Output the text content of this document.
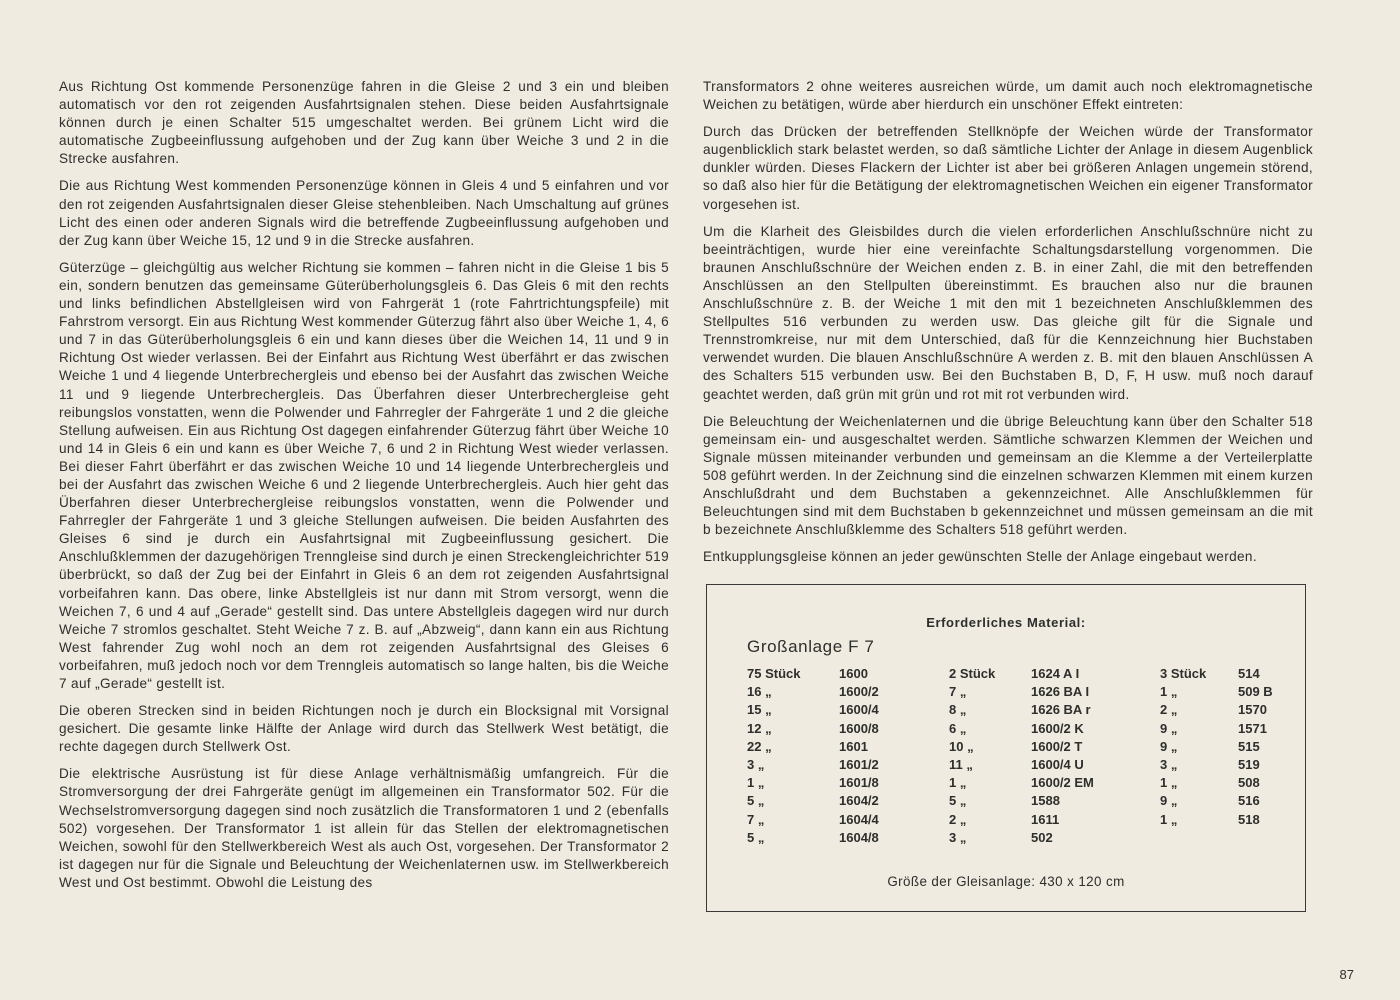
Aus Richtung Ost kommende Personenzüge fahren in die Gleise 2 und 3 ein und bleiben automatisch vor den rot zeigenden Ausfahrtsignalen stehen. Diese beiden Ausfahrtsignale können durch je einen Schalter 515 umgeschaltet werden. Bei grünem Licht wird die automatische Zugbeeinflussung aufgehoben und der Zug kann über Weiche 3 und 2 in die Strecke ausfahren.

Die aus Richtung West kommenden Personenzüge können in Gleis 4 und 5 einfahren und vor den rot zeigenden Ausfahrtsignalen dieser Gleise stehenbleiben. Nach Umschaltung auf grünes Licht des einen oder anderen Signals wird die betreffende Zugbeeinflussung aufgehoben und der Zug kann über Weiche 15, 12 und 9 in die Strecke ausfahren.

Güterzüge – gleichgültig aus welcher Richtung sie kommen – fahren nicht in die Gleise 1 bis 5 ein, sondern benutzen das gemeinsame Güterüberholungsgleis 6. Das Gleis 6 mit den rechts und links befindlichen Abstellgleisen wird von Fahrgerät 1 (rote Fahrtrichtungspfeile) mit Fahrstrom versorgt. Ein aus Richtung West kommender Güterzug fährt also über Weiche 1, 4, 6 und 7 in das Güterüberholungsgleis 6 ein und kann dieses über die Weichen 14, 11 und 9 in Richtung Ost wieder verlassen. Bei der Einfahrt aus Richtung West überfährt er das zwischen Weiche 1 und 4 liegende Unterbrechergleis und ebenso bei der Ausfahrt das zwischen Weiche 11 und 9 liegende Unterbrechergleis. Das Überfahren dieser Unterbrechergleise geht reibungslos vonstatten, wenn die Polwender und Fahrregler der Fahrgeräte 1 und 2 die gleiche Stellung aufweisen. Ein aus Richtung Ost dagegen einfahrender Güterzug fährt über Weiche 10 und 14 in Gleis 6 ein und kann es über Weiche 7, 6 und 2 in Richtung West wieder verlassen. Bei dieser Fahrt überfährt er das zwischen Weiche 10 und 14 liegende Unterbrechergleis und bei der Ausfahrt das zwischen Weiche 6 und 2 liegende Unterbrechergleis. Auch hier geht das Überfahren dieser Unterbrechergleise reibungslos vonstatten, wenn die Polwender und Fahrregler der Fahrgeräte 1 und 3 gleiche Stellungen aufweisen. Die beiden Ausfahrten des Gleises 6 sind je durch ein Ausfahrtsignal mit Zugbeeinflussung gesichert. Die Anschlußklemmen der dazugehörigen Trenngleise sind durch je einen Streckengleichrichter 519 überbrückt, so daß der Zug bei der Einfahrt in Gleis 6 an dem rot zeigenden Ausfahrtsignal vorbeifahren kann. Das obere, linke Abstellgleis ist nur dann mit Strom versorgt, wenn die Weichen 7, 6 und 4 auf „Gerade“ gestellt sind. Das untere Abstellgleis dagegen wird nur durch Weiche 7 stromlos geschaltet. Steht Weiche 7 z. B. auf „Abzweig“, dann kann ein aus Richtung West fahrender Zug wohl noch an dem rot zeigenden Ausfahrtsignal des Gleises 6 vorbeifahren, muß jedoch noch vor dem Trenngleis automatisch so lange halten, bis die Weiche 7 auf „Gerade“ gestellt ist.

Die oberen Strecken sind in beiden Richtungen noch je durch ein Blocksignal mit Vorsignal gesichert. Die gesamte linke Hälfte der Anlage wird durch das Stellwerk West betätigt, die rechte dagegen durch Stellwerk Ost.

Die elektrische Ausrüstung ist für diese Anlage verhältnismäßig umfangreich. Für die Stromversorgung der drei Fahrgeräte genügt im allgemeinen ein Transformator 502. Für die Wechselstromversorgung dagegen sind noch zusätzlich die Transformatoren 1 und 2 (ebenfalls 502) vorgesehen. Der Transformator 1 ist allein für das Stellen der elektromagnetischen Weichen, sowohl für den Stellwerkbereich West als auch Ost, vorgesehen. Der Transformator 2 ist dagegen nur für die Signale und Beleuchtung der Weichenlaternen usw. im Stellwerkbereich West und Ost bestimmt. Obwohl die Leistung des

Transformators 2 ohne weiteres ausreichen würde, um damit auch noch elektromagnetische Weichen zu betätigen, würde aber hierdurch ein unschöner Effekt eintreten:

Durch das Drücken der betreffenden Stellknöpfe der Weichen würde der Transformator augenblicklich stark belastet werden, so daß sämtliche Lichter der Anlage in diesem Augenblick dunkler würden. Dieses Flackern der Lichter ist aber bei größeren Anlagen ungemein störend, so daß also hier für die Betätigung der elektromagnetischen Weichen ein eigener Transformator vorgesehen ist.

Um die Klarheit des Gleisbildes durch die vielen erforderlichen Anschlußschnüre nicht zu beeinträchtigen, wurde hier eine vereinfachte Schaltungsdarstellung vorgenommen. Die braunen Anschlußschnüre der Weichen enden z. B. in einer Zahl, die mit den betreffenden Anschlüssen an den Stellpulten übereinstimmt. Es brauchen also nur die braunen Anschlußschnüre z. B. der Weiche 1 mit den mit 1 bezeichneten Anschlußklemmen des Stellpultes 516 verbunden zu werden usw. Das gleiche gilt für die Signale und Trennstromkreise, nur mit dem Unterschied, daß für die Kennzeichnung hier Buchstaben verwendet wurden. Die blauen Anschlußschnüre A werden z. B. mit den blauen Anschlüssen A des Schalters 515 verbunden usw. Bei den Buchstaben B, D, F, H usw. muß noch darauf geachtet werden, daß grün mit grün und rot mit rot verbunden wird.

Die Beleuchtung der Weichenlaternen und die übrige Beleuchtung kann über den Schalter 518 gemeinsam ein- und ausgeschaltet werden. Sämtliche schwarzen Klemmen der Weichen und Signale müssen miteinander verbunden und gemeinsam an die Klemme a der Verteilerplatte 508 geführt werden. In der Zeichnung sind die einzelnen schwarzen Klemmen mit einem kurzen Anschlußdraht und dem Buchstaben a gekennzeichnet. Alle Anschlußklemmen für Beleuchtungen sind mit dem Buchstaben b gekennzeichnet und müssen gemeinsam an die mit b bezeichnete Anschlußklemme des Schalters 518 geführt werden.

Entkupplungsgleise können an jeder gewünschten Stelle der Anlage eingebaut werden.

Erforderliches Material:
Großanlage F 7
75 Stück	1600	2 Stück	1624 A I	3 Stück 514
16 „	1600/2	7 „	1626 BA I	1 „	509 B
15 „	1600/4	8 „	1626 BA r	2 „	1570
12 „	1600/8	6 „	1600/2 K	9 „	1571
22 „	1601	10 „	1600/2 T	9 „	515
3 „	1601/2	11 „	1600/4 U	3 „	519
1 „	1601/8	1 „	1600/2 EM	1 „	508
5 „	1604/2	5 „	1588	9 „	516
7 „	1604/4	2 „	1611	1 „	518
5 „	1604/8	3 „	502
Größe der Gleisanlage: 430 x 120 cm
87
